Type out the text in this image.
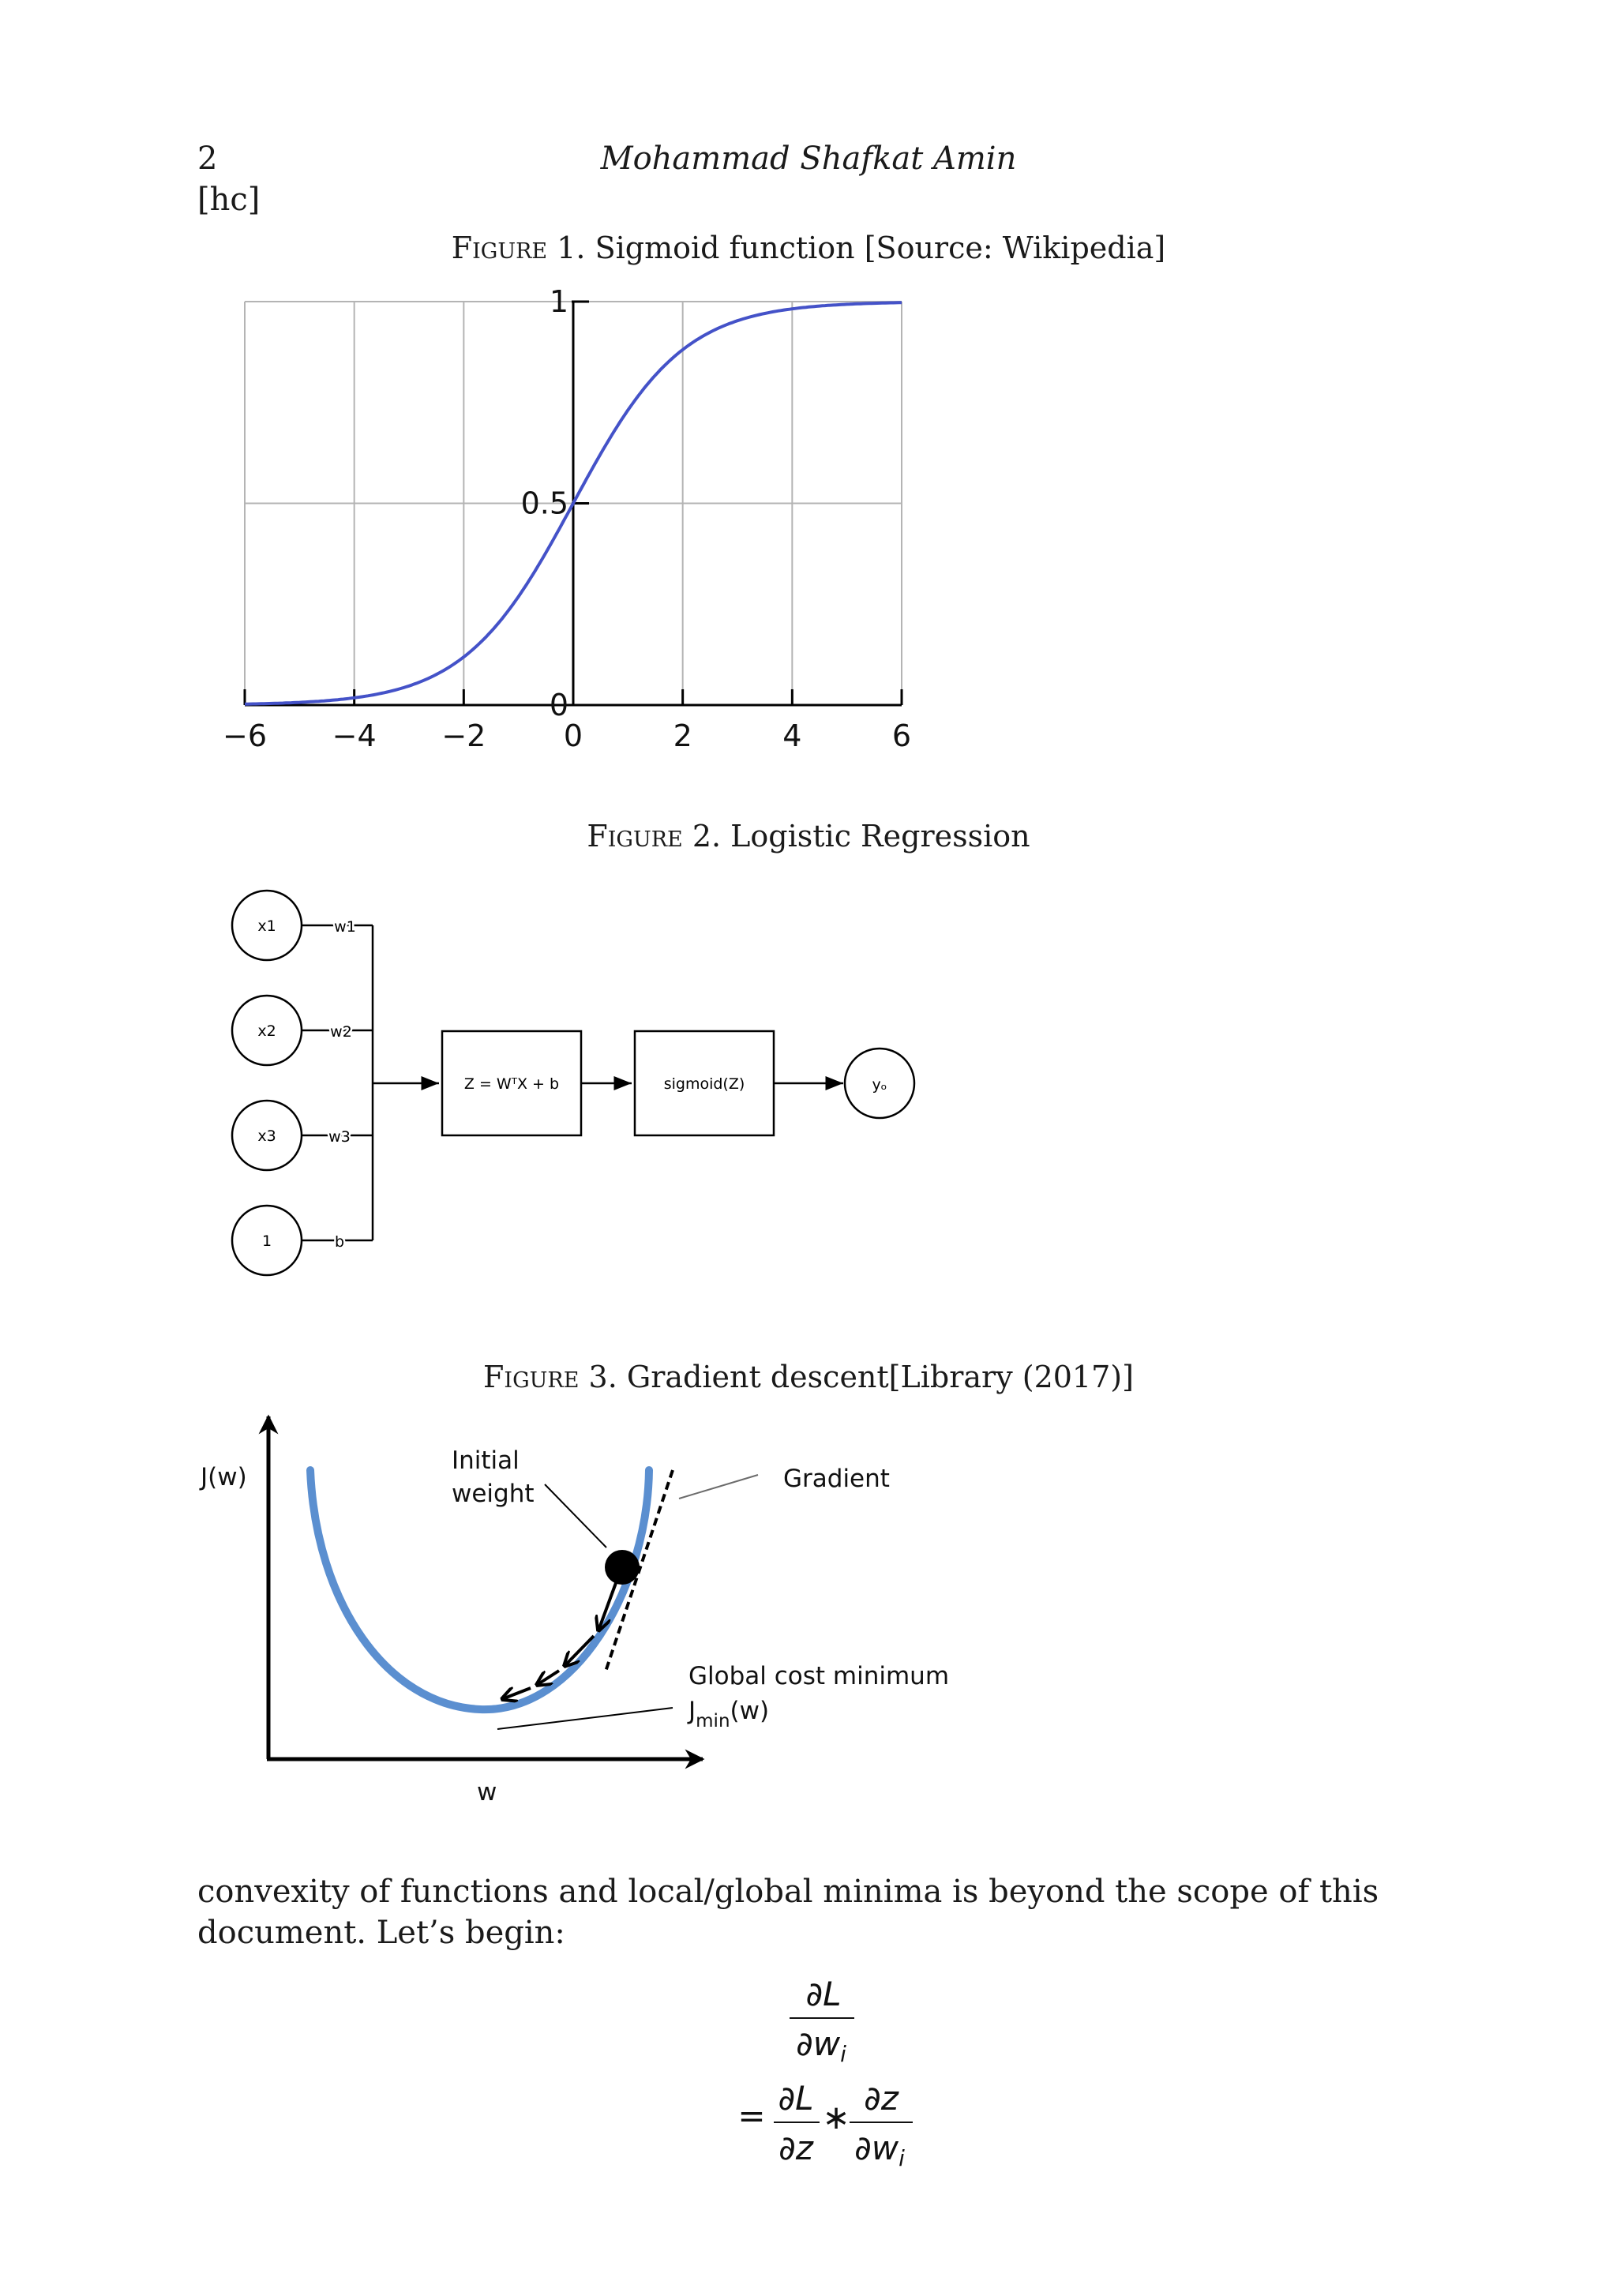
2	Mohammad Shafkat Amin
[hc]
Figure 1. Sigmoid function [Source: Wikipedia]
−6 −4 −2	0	2	4	6
0
0.5
1
Figure 2. Logistic Regression
x1
x2
x3
1
w1
w2
w3
b
Z = WᵀX + b	sigmoid(Z)	yₒ
Figure 3. Gradient descent[Library (2017)]
J(w)
w
Initial
weight
Gradient
Global cost minimum
$J_{min}(w)$
convexity of functions and local/global minima is beyond the scope of this document. Let’s begin:
∂L
∂wi
= ∂L
∂z
∗ ∂z
∂wi
